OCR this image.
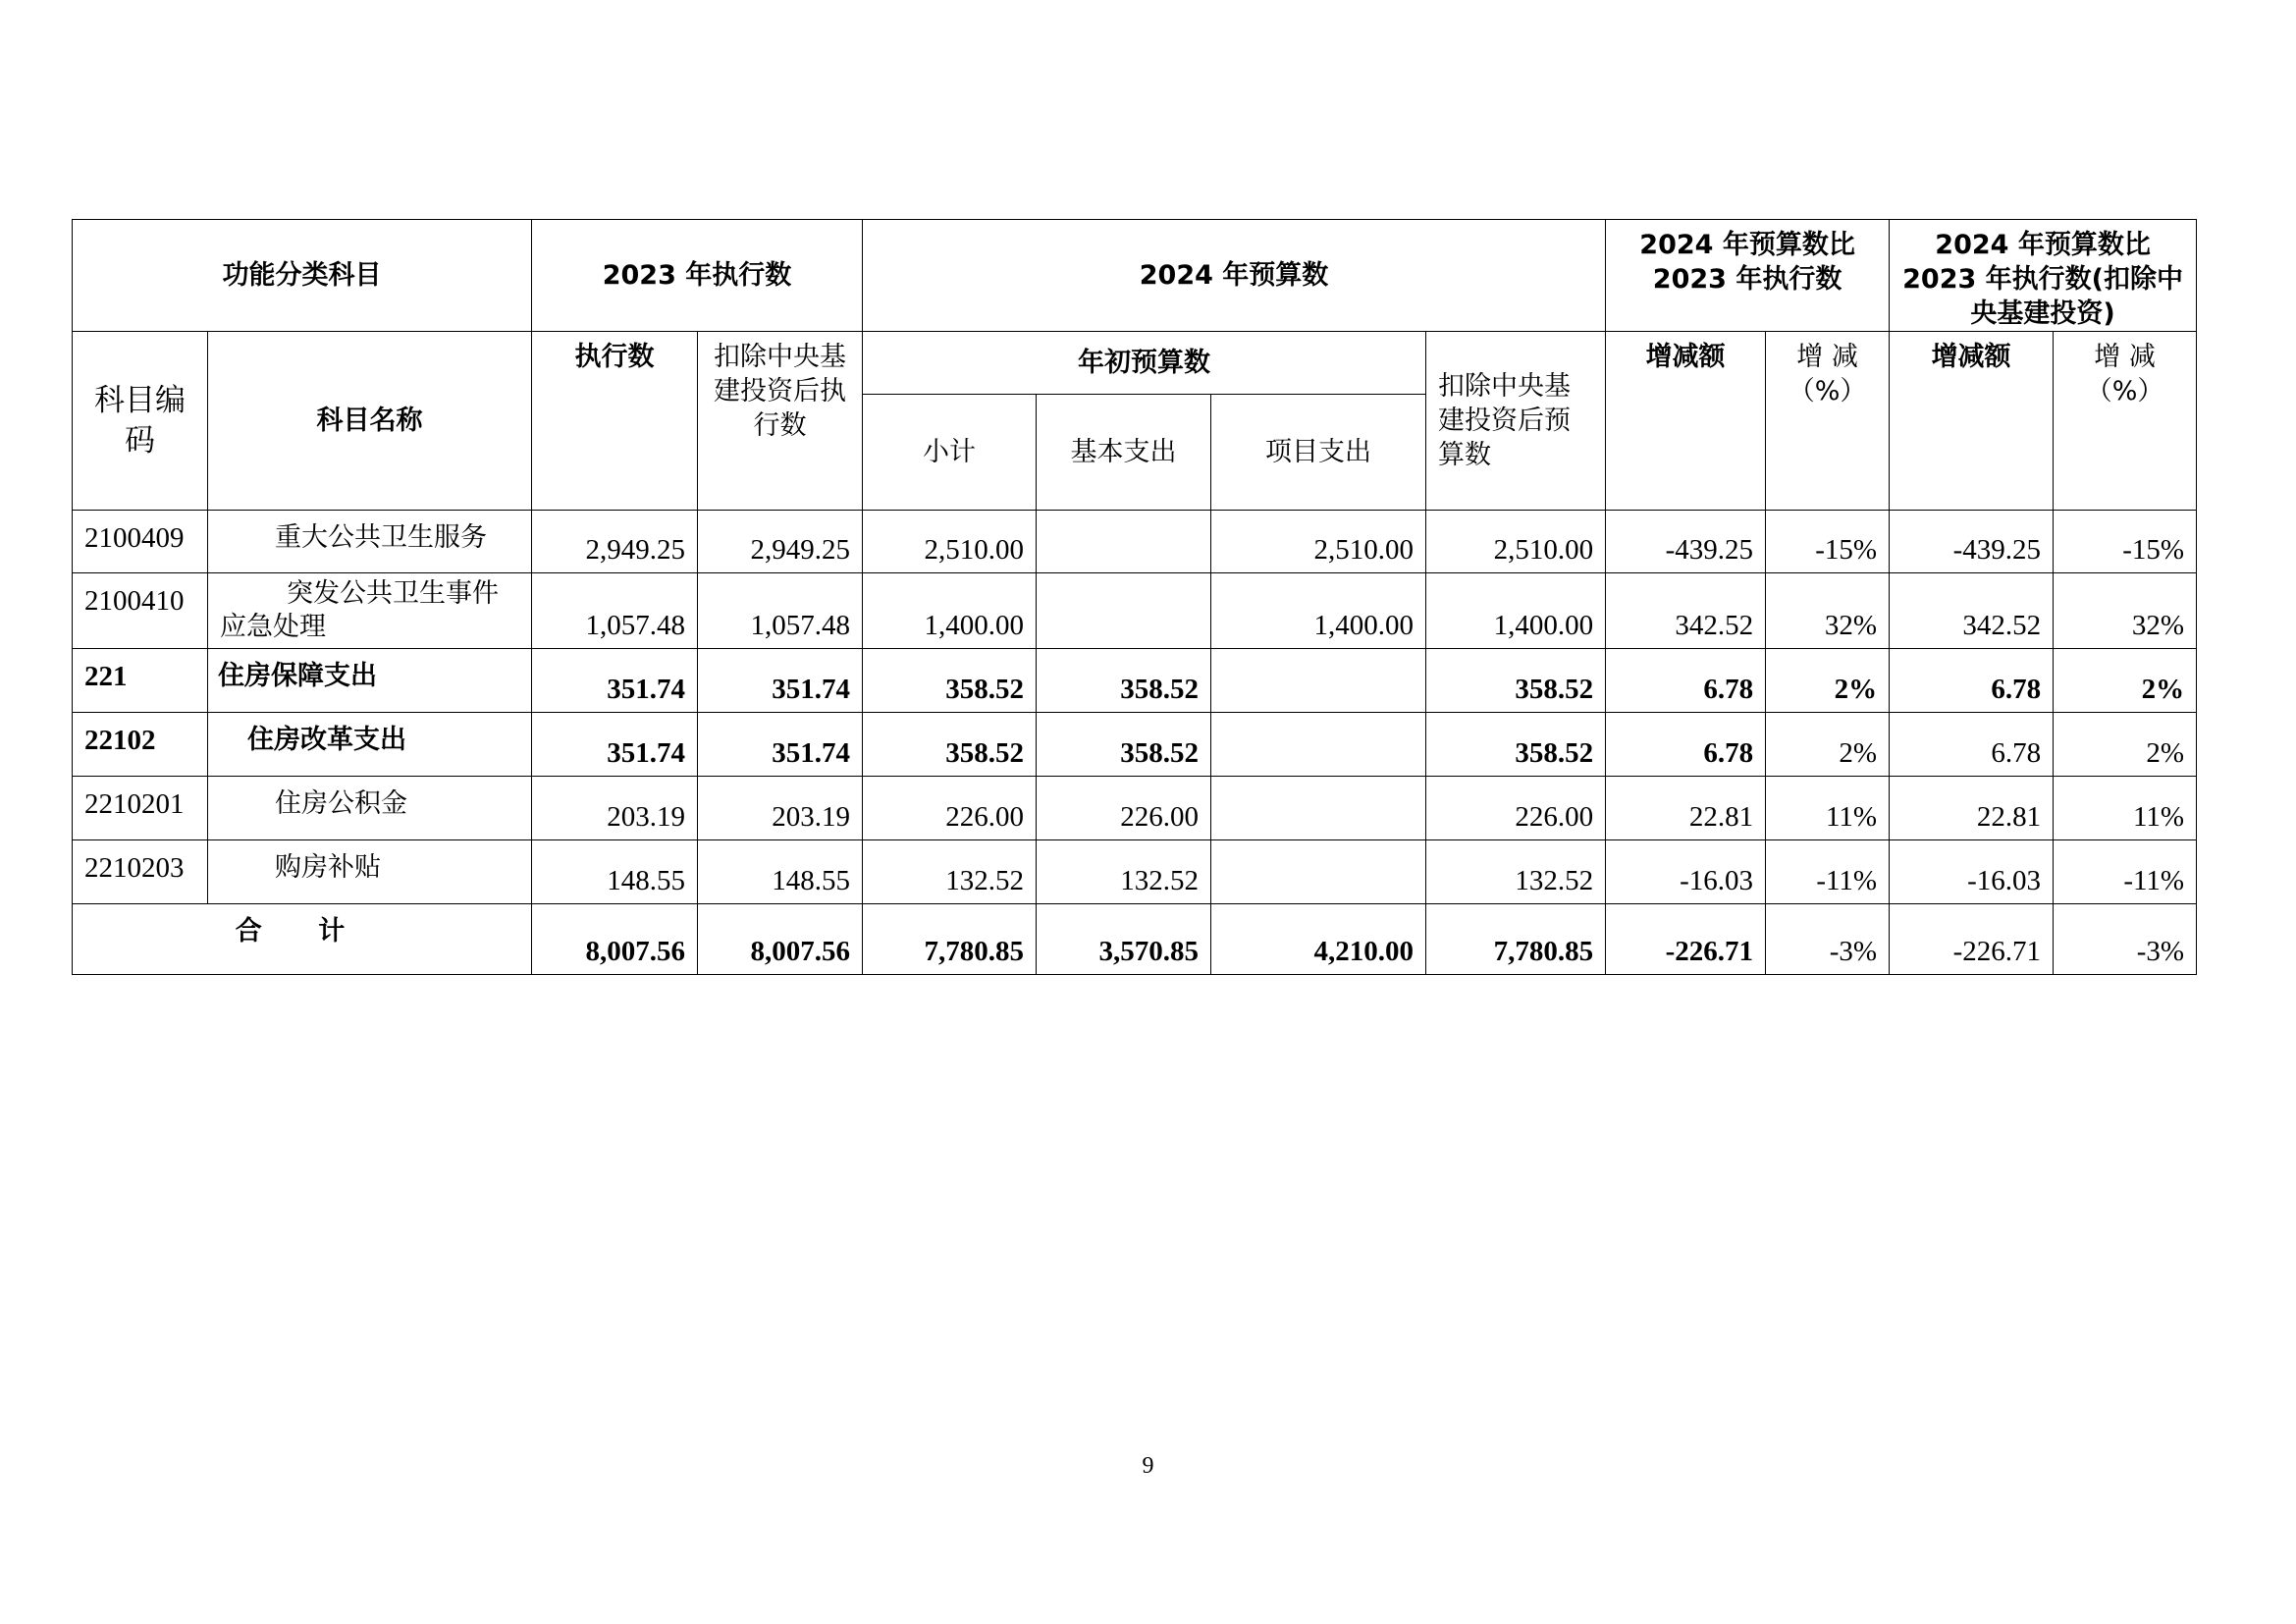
功能分类科目		2023 年执行数		2024 年预算数				2024 年预算数比 2023 年执行数		2024 年预算数比 2023 年执行数(扣除中央基建投资)	
科目编码	科目名称	执行数	扣除中央基建投资后执行数	年初预算数			扣除中央基建投资后预算数	增减额	增 减（%）	增减额	增 减（%）
				小计	基本支出	项目支出					
2100409	重大公共卫生服务	2,949.25	2,949.25	2,510.00		2,510.00	2,510.00	-439.25	-15%	-439.25	-15%
2100410	突发公共卫生事件应急处理	1,057.48	1,057.48	1,400.00		1,400.00	1,400.00	342.52	32%	342.52	32%
221	住房保障支出	351.74	351.74	358.52	358.52		358.52	6.78	2%	6.78	2%
22102	住房改革支出	351.74	351.74	358.52	358.52		358.52	6.78	2%	6.78	2%
2210201	住房公积金	203.19	203.19	226.00	226.00		226.00	22.81	11%	22.81	11%
2210203	购房补贴	148.55	148.55	132.52	132.52		132.52	-16.03	-11%	-16.03	-11%
合 计		8,007.56	8,007.56	7,780.85	3,570.85	4,210.00	7,780.85	-226.71	-3%	-226.71	-3%
9
